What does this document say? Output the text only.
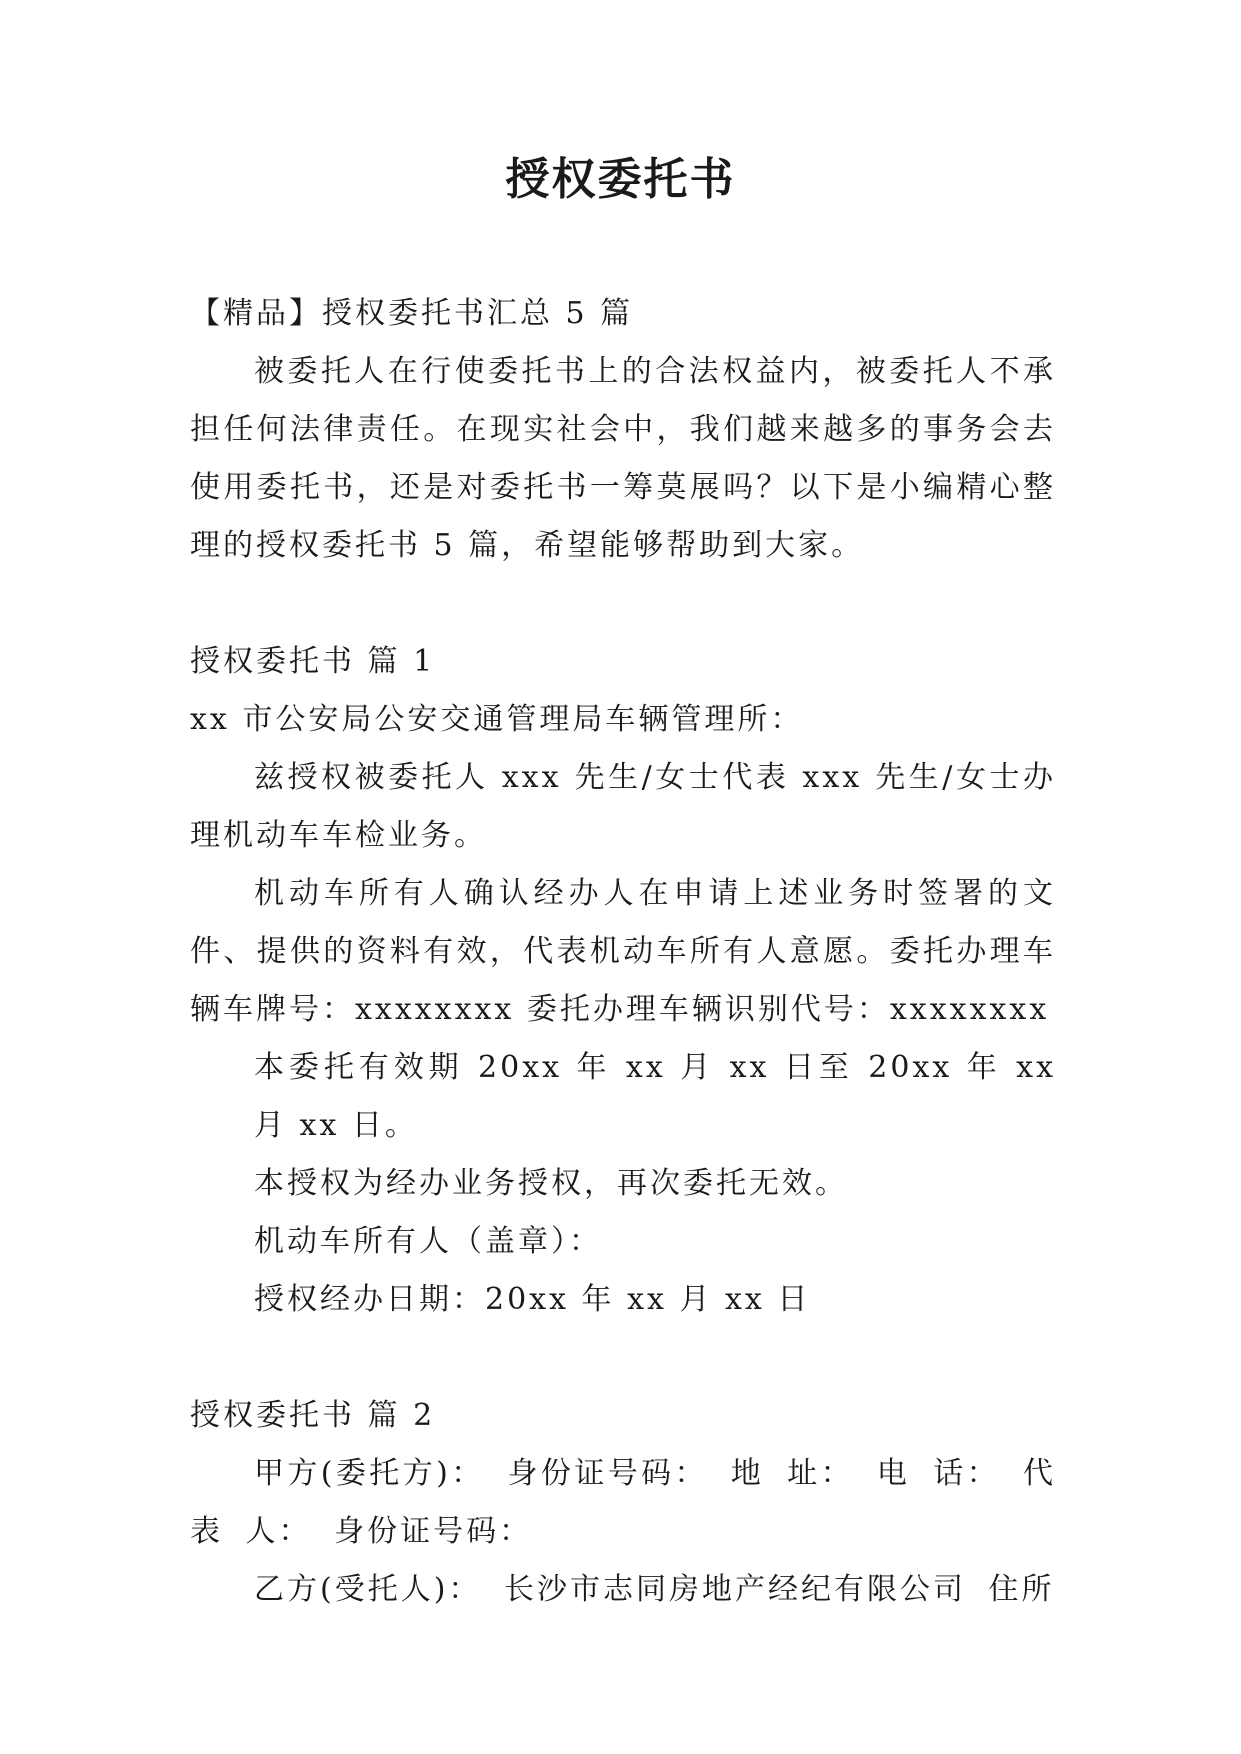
授权委托书

【精品】授权委托书汇总 5 篇

被委托人在行使委托书上的合法权益内，被委托人不承担任何法律责任。在现实社会中，我们越来越多的事务会去使用委托书，还是对委托书一筹莫展吗？以下是小编精心整理的授权委托书 5 篇，希望能够帮助到大家。

授权委托书 篇 1

xx 市公安局公安交通管理局车辆管理所：

兹授权被委托人 xxx 先生/女士代表 xxx 先生/女士办理机动车车检业务。

机动车所有人确认经办人在申请上述业务时签署的文件、提供的资料有效，代表机动车所有人意愿。委托办理车辆车牌号：xxxxxxxx 委托办理车辆识别代号：xxxxxxxx

本委托有效期 20xx 年 xx 月 xx 日至 20xx 年 xx 月 xx 日。

本授权为经办业务授权，再次委托无效。

机动车所有人（盖章）：

授权经办日期：20xx 年 xx 月 xx 日

授权委托书 篇 2

甲方(委托方)： 身份证号码： 地 址： 电 话： 代 表 人： 身份证号码：

乙方(受托人)： 长沙市志同房地产经纪有限公司 住所
